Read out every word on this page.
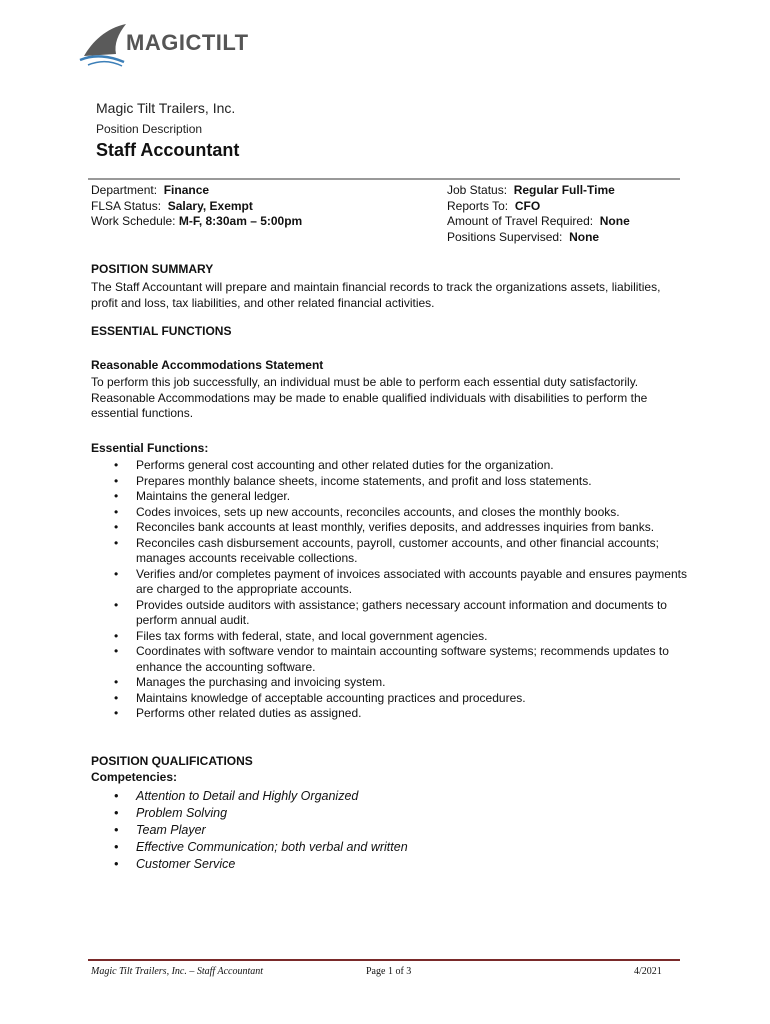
MAGICTILT
Magic Tilt Trailers, Inc.
Position Description
Staff Accountant
Department: Finance
FLSA Status: Salary, Exempt
Work Schedule: M-F, 8:30am – 5:00pm
Job Status: Regular Full-Time
Reports To: CFO
Amount of Travel Required: None
Positions Supervised: None
POSITION SUMMARY
The Staff Accountant will prepare and maintain financial records to track the organizations assets, liabilities, profit and loss, tax liabilities, and other related financial activities.
ESSENTIAL FUNCTIONS
Reasonable Accommodations Statement
To perform this job successfully, an individual must be able to perform each essential duty satisfactorily. Reasonable Accommodations may be made to enable qualified individuals with disabilities to perform the essential functions.
Essential Functions:
• Performs general cost accounting and other related duties for the organization.
• Prepares monthly balance sheets, income statements, and profit and loss statements.
• Maintains the general ledger.
• Codes invoices, sets up new accounts, reconciles accounts, and closes the monthly books.
• Reconciles bank accounts at least monthly, verifies deposits, and addresses inquiries from banks.
• Reconciles cash disbursement accounts, payroll, customer accounts, and other financial accounts; manages accounts receivable collections.
• Verifies and/or completes payment of invoices associated with accounts payable and ensures payments are charged to the appropriate accounts.
• Provides outside auditors with assistance; gathers necessary account information and documents to perform annual audit.
• Files tax forms with federal, state, and local government agencies.
• Coordinates with software vendor to maintain accounting software systems; recommends updates to enhance the accounting software.
• Manages the purchasing and invoicing system.
• Maintains knowledge of acceptable accounting practices and procedures.
• Performs other related duties as assigned.
POSITION QUALIFICATIONS
Competencies:
• Attention to Detail and Highly Organized
• Problem Solving
• Team Player
• Effective Communication; both verbal and written
• Customer Service
Magic Tilt Trailers, Inc. – Staff Accountant	Page 1 of 3	4/2021
